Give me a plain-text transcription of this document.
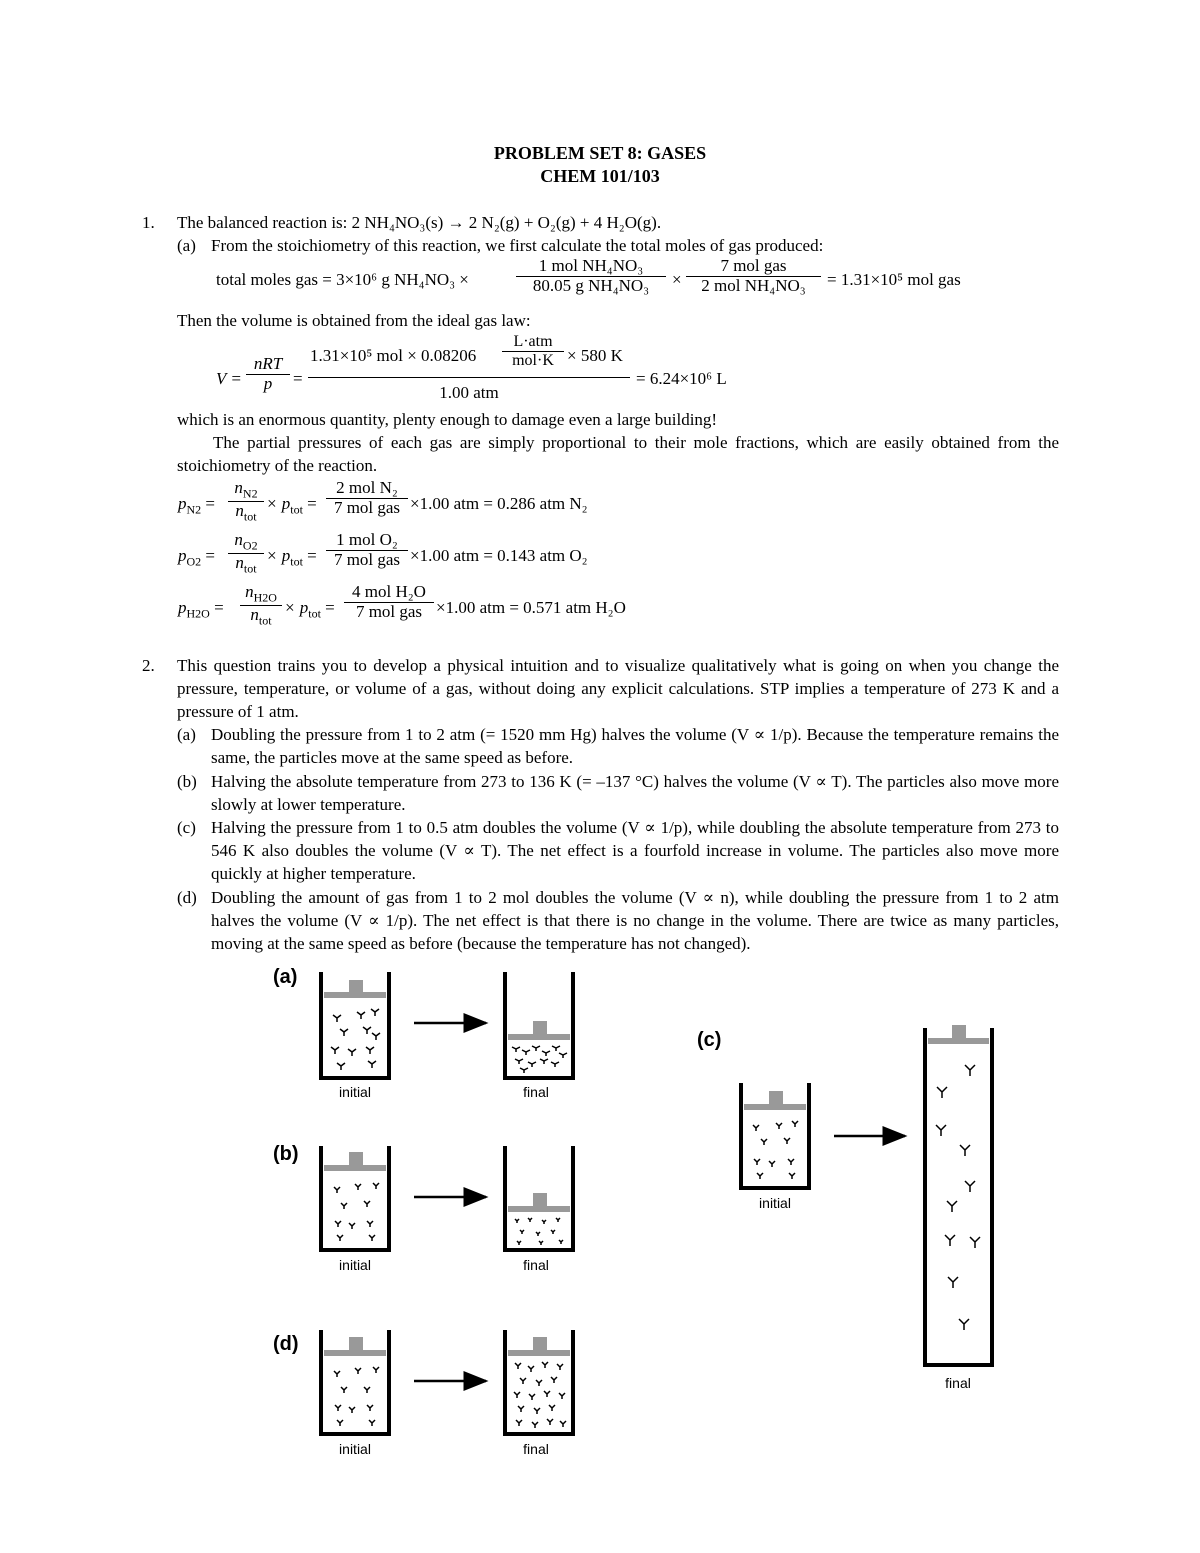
PROBLEM SET 8: GASES
CHEM 101/103
1. The balanced reaction is: 2 NH₄NO₃(s) → 2 N₂(g) + O₂(g) + 4 H₂O(g).
(a) From the stoichiometry of this reaction, we first calculate the total moles of gas produced:
total moles gas = 3×10⁶ g NH₄NO₃ ×
1 mol NH₄NO₃
80.05 g NH₄NO₃	×
7 mol gas
2 mol NH₄NO₃	= 1.31×10⁵ mol gas
Then the volume is obtained from the ideal gas law:
V =
nRT
p	=
1.31×10⁵ mol × 0.08206
L·atm
mol·K × 580 K
1.00 atm
= 6.24×10⁶ L
which is an enormous quantity, plenty enough to damage even a large building!
The partial pressures of each gas are simply proportional to their mole fractions, which are easily obtained from the stoichiometry of the reaction.
$p_{N2}$ =
$n_{N2}$
$n_{tot}$
× $p_{tot}$ =
2 mol N₂
7 mol gas ×1.00 atm = 0.286 atm N₂
$p_{O2}$ =
$n_{O2}$
$n_{tot}$
× $p_{tot}$ =
1 mol O₂
7 mol gas ×1.00 atm = 0.143 atm O₂
$p_{H2O}$ =
$n_{H2O}$
$n_{tot}$
× $p_{tot}$ =
4 mol H₂O
7 mol gas ×1.00 atm = 0.571 atm H₂O
2. This question trains you to develop a physical intuition and to visualize qualitatively what is going on when you change the pressure, temperature, or volume of a gas, without doing any explicit calculations. STP implies a temperature of 273 K and a pressure of 1 atm.
(a) Doubling the pressure from 1 to 2 atm (= 1520 mm Hg) halves the volume (V ∝ 1/p). Because the temperature remains the same, the particles move at the same speed as before.
(b) Halving the absolute temperature from 273 to 136 K (= –137 °C) halves the volume (V ∝ T). The particles also move more slowly at lower temperature.
(c) Halving the pressure from 1 to 0.5 atm doubles the volume (V ∝ 1/p), while doubling the absolute temperature from 273 to 546 K also doubles the volume (V ∝ T). The net effect is a fourfold increase in volume. The particles also move more quickly at higher temperature.
(d) Doubling the amount of gas from 1 to 2 mol doubles the volume (V ∝ n), while doubling the pressure from 1 to 2 atm halves the volume (V ∝ 1/p). The net effect is that there is no change in the volume. There are twice as many particles, moving at the same speed as before (because the temperature has not changed).
(a)
(b)
(c)
(d)
initial	final
initial	final
initial
final
initial	final
